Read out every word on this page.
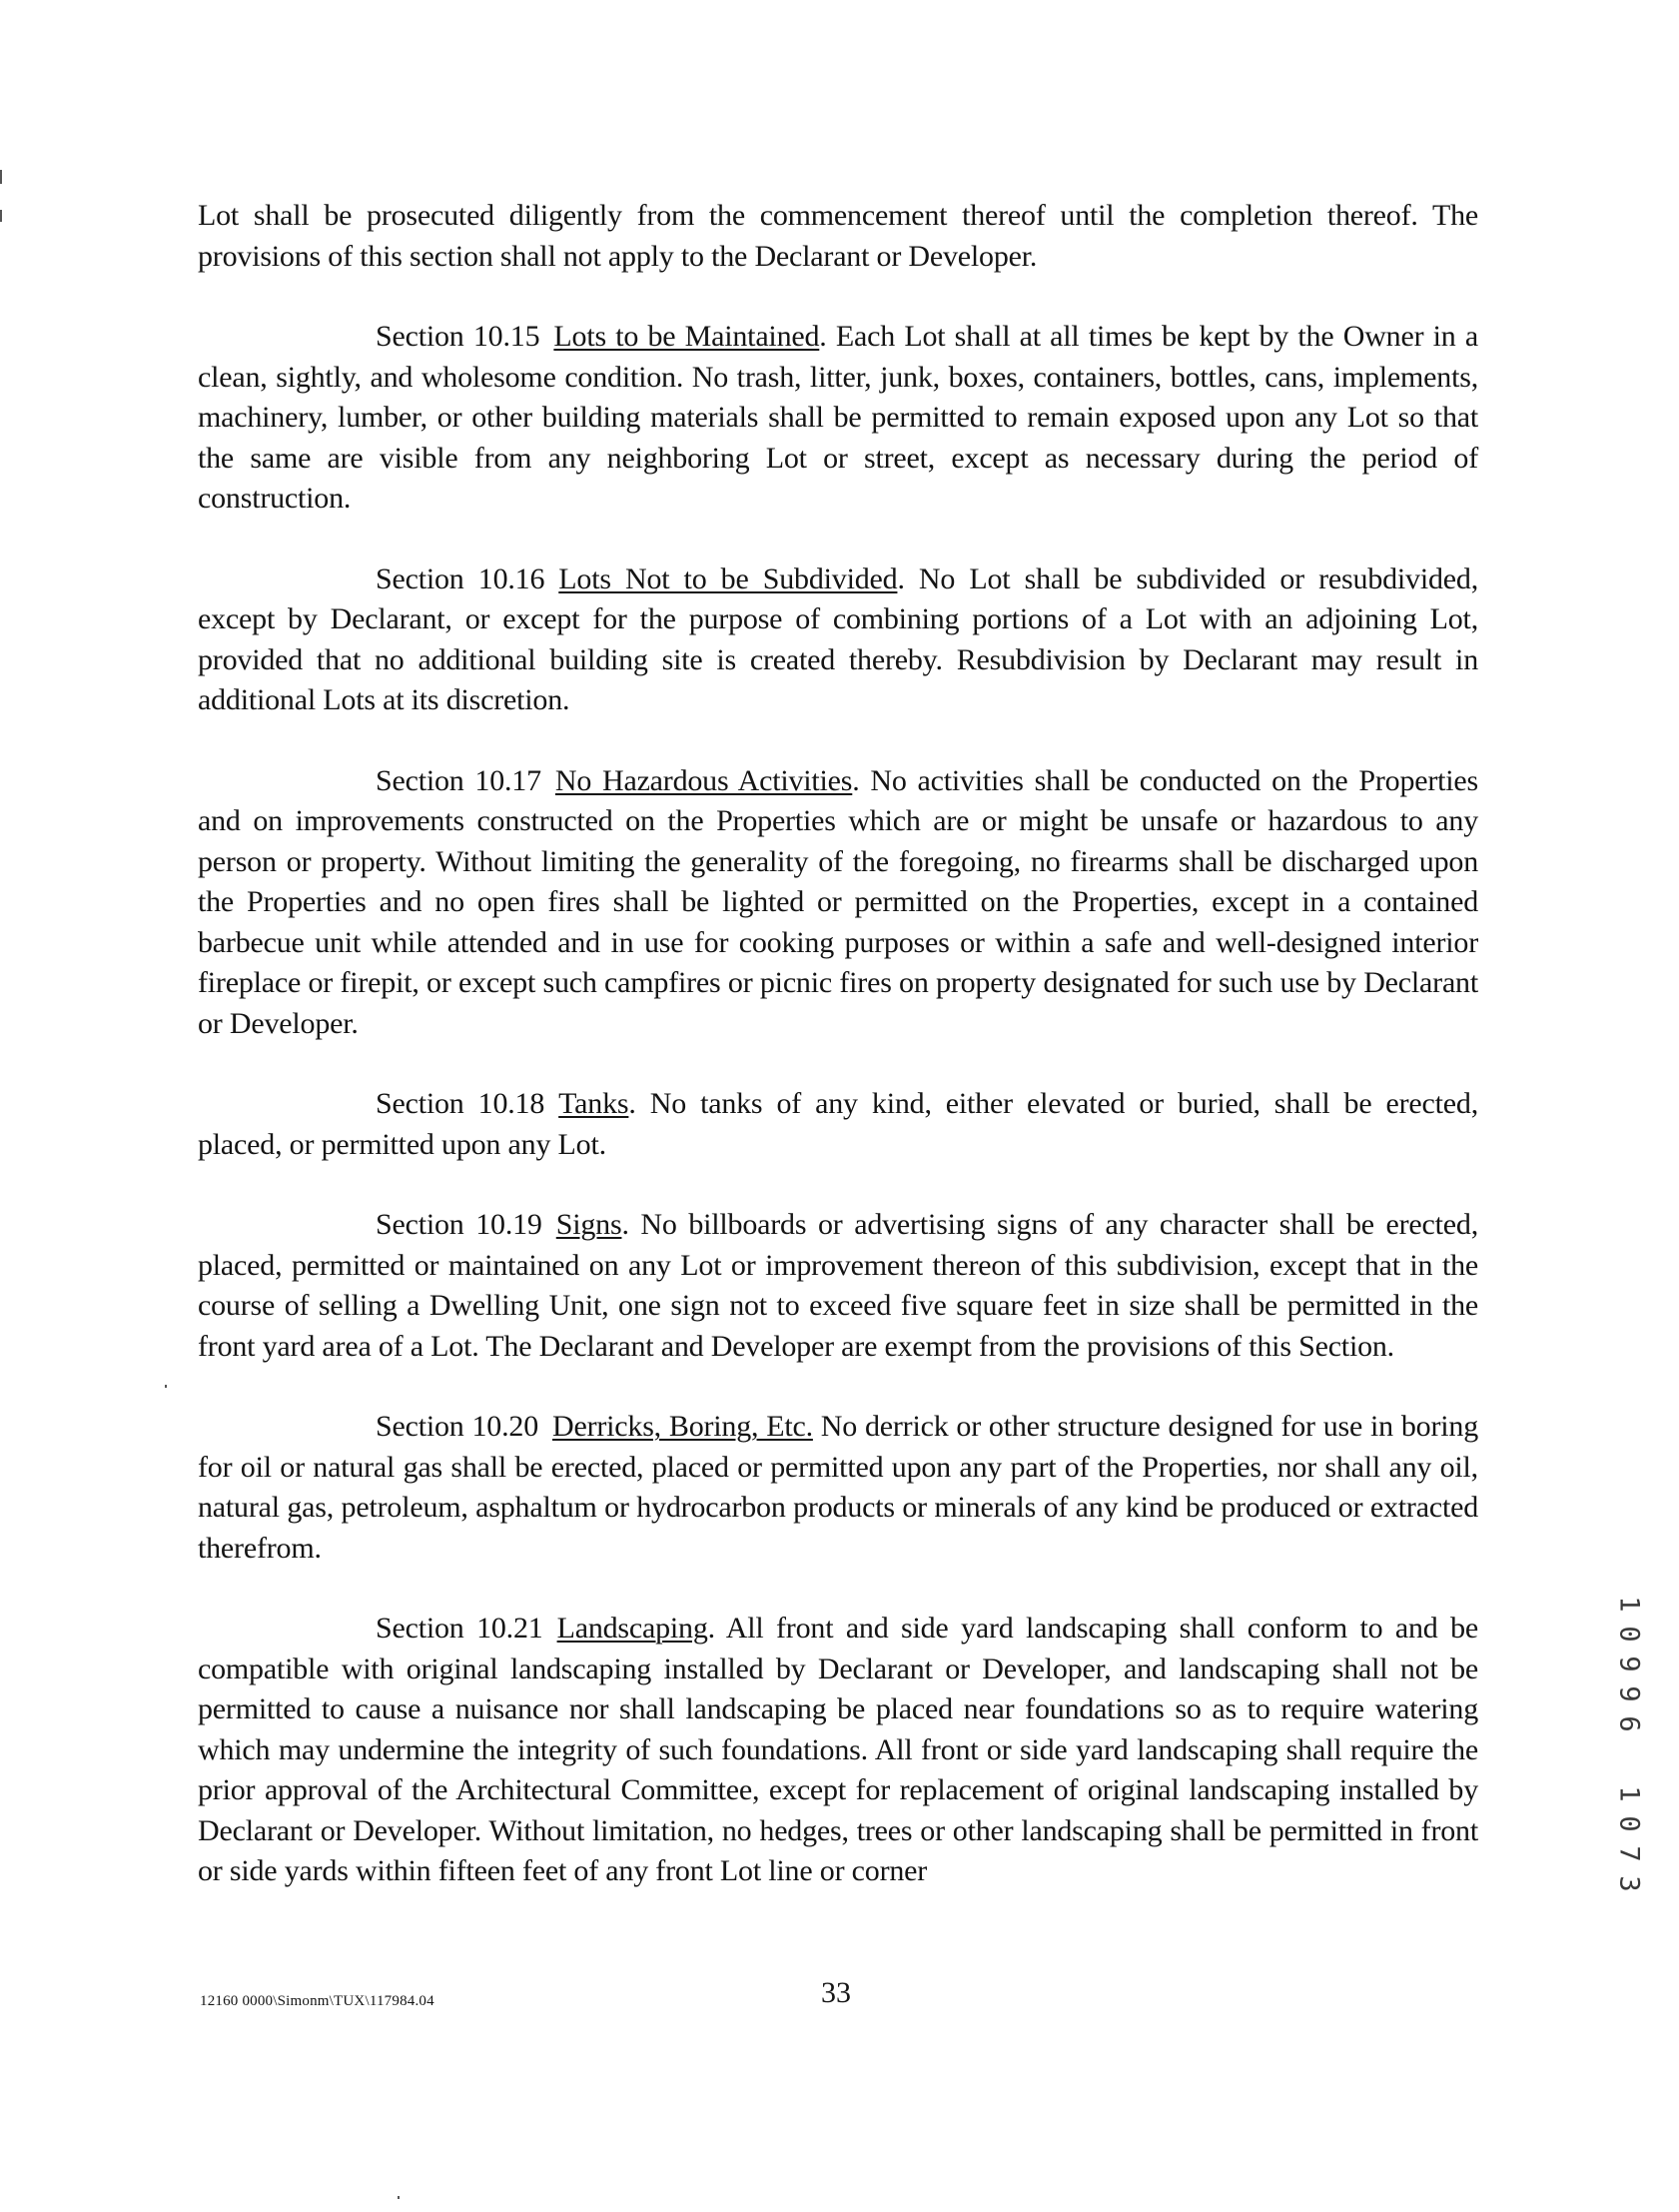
Lot shall be prosecuted diligently from the commencement thereof until the completion thereof. The provisions of this section shall not apply to the Declarant or Developer.

Section 10.15 Lots to be Maintained. Each Lot shall at all times be kept by the Owner in a clean, sightly, and wholesome condition. No trash, litter, junk, boxes, containers, bottles, cans, implements, machinery, lumber, or other building materials shall be permitted to remain exposed upon any Lot so that the same are visible from any neighboring Lot or street, except as necessary during the period of construction.

Section 10.16 Lots Not to be Subdivided. No Lot shall be subdivided or resubdivided, except by Declarant, or except for the purpose of combining portions of a Lot with an adjoining Lot, provided that no additional building site is created thereby. Resubdivision by Declarant may result in additional Lots at its discretion.

Section 10.17 No Hazardous Activities. No activities shall be conducted on the Properties and on improvements constructed on the Properties which are or might be unsafe or hazardous to any person or property. Without limiting the generality of the foregoing, no firearms shall be discharged upon the Properties and no open fires shall be lighted or permitted on the Properties, except in a contained barbecue unit while attended and in use for cooking purposes or within a safe and well-designed interior fireplace or firepit, or except such campfires or picnic fires on property designated for such use by Declarant or Developer.

Section 10.18 Tanks. No tanks of any kind, either elevated or buried, shall be erected, placed, or permitted upon any Lot.

Section 10.19 Signs. No billboards or advertising signs of any character shall be erected, placed, permitted or maintained on any Lot or improvement thereon of this subdivision, except that in the course of selling a Dwelling Unit, one sign not to exceed five square feet in size shall be permitted in the front yard area of a Lot. The Declarant and Developer are exempt from the provisions of this Section.

Section 10.20 Derricks, Boring, Etc. No derrick or other structure designed for use in boring for oil or natural gas shall be erected, placed or permitted upon any part of the Properties, nor shall any oil, natural gas, petroleum, asphaltum or hydrocarbon products or minerals of any kind be produced or extracted therefrom.

Section 10.21 Landscaping. All front and side yard landscaping shall conform to and be compatible with original landscaping installed by Declarant or Developer, and landscaping shall not be permitted to cause a nuisance nor shall landscaping be placed near foundations so as to require watering which may undermine the integrity of such foundations. All front or side yard landscaping shall require the prior approval of the Architectural Committee, except for replacement of original landscaping installed by Declarant or Developer. Without limitation, no hedges, trees or other landscaping shall be permitted in front or side yards within fifteen feet of any front Lot line or corner

33
12160 0000\Simonm\TUX\117984.04
1
0
9
9
6
1
0
7
3
